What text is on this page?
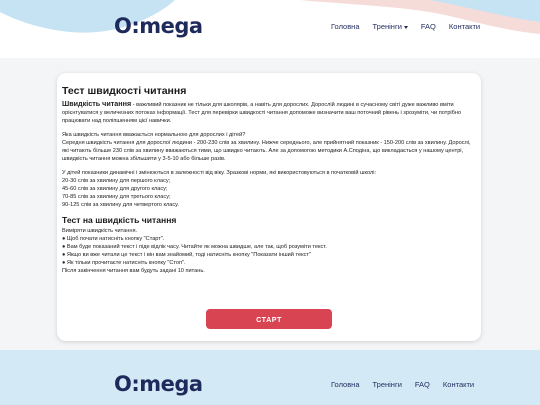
O:mega	Головна Тренінги	FAQ Контакти
Тест швидкості читання

Швидкість читання - важливий показник не тільки для школярів, а навіть для дорослих. Дорослій людині в сучасному світі дуже важливо вміти орієнтуватися у величезних потоках інформації. Тест для перевірки швидкості читання допоможе визначити ваш поточний рівень і зрозуміти, чи потрібно працювати над поліпшенням цієї навички.

Яка швидкість читання вважається нормальною для дорослих і дітей?

Середня швидкість читання для дорослої людини - 200-230 слів за хвилину. Нижче середнього, але прийнятний показник - 150-200 слів за хвилину. Дорослі, які читають більше 230 слів за хвилину вважаються тими, що швидко читають. Але за допомогою методики А.Сподіна, що викладається у нашому центрі, швидкість читання можна збільшити у 3-5-10 або більше разів.

У дітей показники динамічні і змінюються в залежності від віку. Зразкові норми, які використовуються в початковій школі:

20-30 слів за хвилину для першого класу;

45-60 слів за хвилину для другого класу;

70-85 слів за хвилину для третього класу;

90-125 слів за хвилину для четвертого класу.

Тест на швидкість читання

Виміряти швидкість читання.

● Щоб почати натисніть кнопку "Старт".

● Вам буде показаний текст і піде відлік часу. Читайте як можна швидше, але так, щоб розуміти текст.

● Якщо ви вже читали це текст і він вам знайомий, тоді натисніть кнопку "Показати інший текст"

● Як тільки прочитаєте натисніть кнопку "Стоп".

Після закінчення читання вам будуть задані 10 питань.

СТАРТ
O:mega	Головна Тренінги FAQ Контакти
